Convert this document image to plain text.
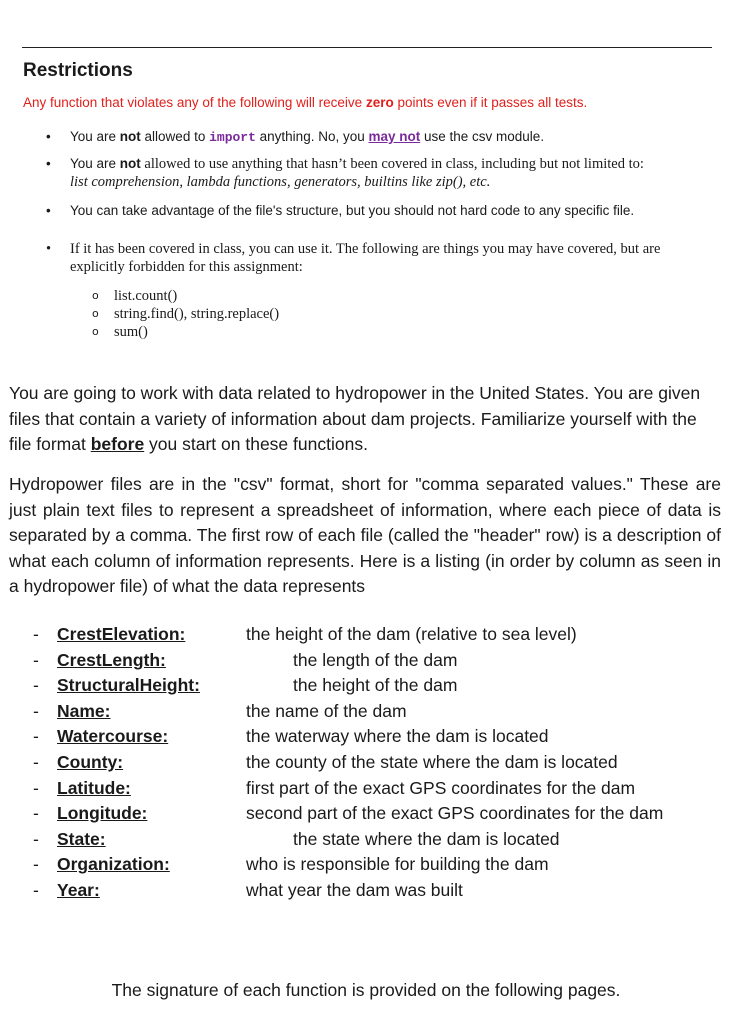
Restrictions
Any function that violates any of the following will receive zero points even if it passes all tests.
• You are not allowed to import anything. No, you may not use the csv module.
• You are not allowed to use anything that hasn’t been covered in class, including but not limited to:
list comprehension, lambda functions, generators, builtins like zip(), etc.
• You can take advantage of the file's structure, but you should not hard code to any specific file.
• If it has been covered in class, you can use it. The following are things you may have covered, but are explicitly forbidden for this assignment:
o list.count()
o string.find(), string.replace()
o sum()

You are going to work with data related to hydropower in the United States. You are given files that contain a variety of information about dam projects. Familiarize yourself with the file format before you start on these functions.

Hydropower files are in the "csv" format, short for "comma separated values." These are just plain text files to represent a spreadsheet of information, where each piece of data is separated by a comma. The first row of each file (called the "header" row) is a description of what each column of information represents. Here is a listing (in order by column as seen in a hydropower file) of what the data represents

- CrestElevation:	the height of the dam (relative to sea level)
- CrestLength:	the length of the dam
- StructuralHeight:	the height of the dam
- Name:	the name of the dam
- Watercourse:	the waterway where the dam is located
- County:	the county of the state where the dam is located
- Latitude:	first part of the exact GPS coordinates for the dam
- Longitude:	second part of the exact GPS coordinates for the dam
- State:	the state where the dam is located
- Organization:	who is responsible for building the dam
- Year:	what year the dam was built
The signature of each function is provided on the following pages.
